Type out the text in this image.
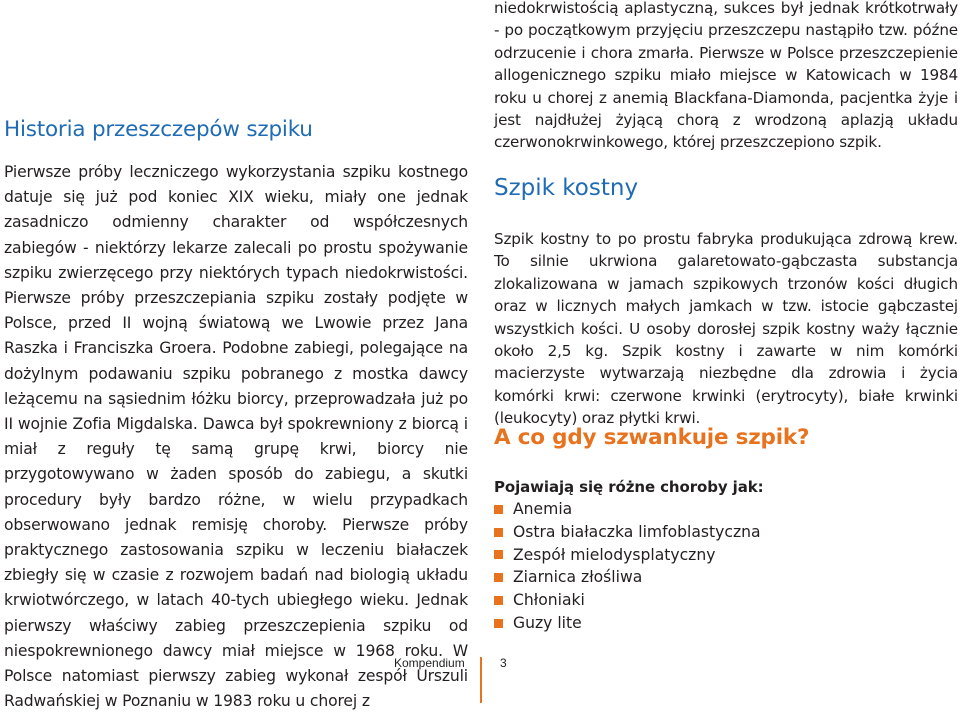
Historia przeszczepów szpiku

Pierwsze próby leczniczego wykorzystania szpiku kostnego datuje się już pod koniec XIX wieku, miały one jednak zasadniczo odmienny charakter od współczesnych zabiegów - niektórzy lekarze zalecali po prostu spożywanie szpiku zwierzęcego przy niektórych typach niedokrwistości. Pierwsze próby przeszczepiania szpiku zostały podjęte w Polsce, przed II wojną światową we Lwowie przez Jana Raszka i Franciszka Groera. Podobne zabiegi, polegające na dożylnym podawaniu szpiku pobranego z mostka dawcy leżącemu na sąsiednim łóżku biorcy, przeprowadzała już po II wojnie Zofia Migdalska. Dawca był spokrewniony z biorcą i miał z reguły tę samą grupę krwi, biorcy nie przygotowywano w żaden sposób do zabiegu, a skutki procedury były bardzo różne, w wielu przypadkach obserwowano jednak remisję choroby. Pierwsze próby praktycznego zastosowania szpiku w leczeniu białaczek zbiegły się w czasie z rozwojem badań nad biologią układu krwiotwórczego, w latach 40-tych ubiegłego wieku. Jednak pierwszy właściwy zabieg przeszczepienia szpiku od niespokrewnionego dawcy miał miejsce w 1968 roku. W Polsce natomiast pierwszy zabieg wykonał zespół Urszuli Radwańskiej w Poznaniu w 1983 roku u chorej z

niedokrwistością aplastyczną, sukces był jednak krótkotrwały - po początkowym przyjęciu przeszczepu nastąpiło tzw. późne odrzucenie i chora zmarła. Pierwsze w Polsce przeszczepienie allogenicznego szpiku miało miejsce w Katowicach w 1984 roku u chorej z anemią Blackfana-Diamonda, pacjentka żyje i jest najdłużej żyjącą chorą z wrodzoną aplazją układu czerwonokrwinkowego, której przeszczepiono szpik.

Szpik kostny

Szpik kostny to po prostu fabryka produkująca zdrową krew. To silnie ukrwiona galaretowato-gąbczasta substancja zlokalizowana w jamach szpikowych trzonów kości długich oraz w licznych małych jamkach w tzw. istocie gąbczastej wszystkich kości. U osoby dorosłej szpik kostny waży łącznie około 2,5 kg. Szpik kostny i zawarte w nim komórki macierzyste wytwarzają niezbędne dla zdrowia i życia komórki krwi: czerwone krwinki (erytrocyty), białe krwinki (leukocyty) oraz płytki krwi.

A co gdy szwankuje szpik?

Pojawiają się różne choroby jak:

Anemia
Ostra białaczka limfoblastyczna
Zespół mielodysplatyczny
Ziarnica złośliwa
Chłoniaki
Guzy lite
Kompendium	3
